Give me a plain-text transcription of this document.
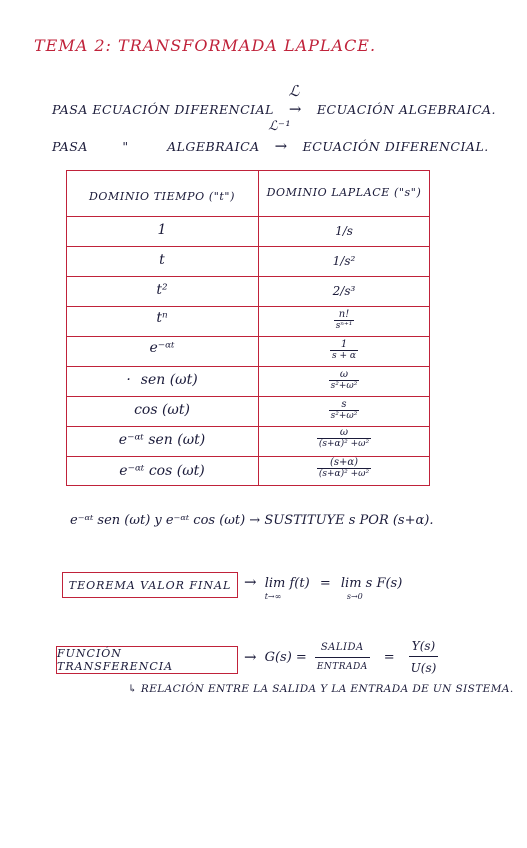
TEMA 2: TRANSFORMADA LAPLACE.
PASA ECUACIÓN DIFERENCIAL
ℒ
→ ECUACIÓN ALGEBRAICA.
PASA	"	ALGEBRAICA
ℒ⁻¹
→ ECUACIÓN DIFERENCIAL.
DOMINIO TIEMPO ("t")	DOMINIO LAPLACE ("s")
1	1/s
t	1/s²
t²	2/s³
tⁿ	$\frac{n!}{\text{sⁿ⁺¹}}$
e⁻ᵅᵗ	$\frac{1}{s + \alpha}$
· sen (ωt)	$\frac{\omega}{\text{s²+ω²}}$
cos (ωt)	$\frac{s}{\text{s²+ω²}}$
e⁻ᵅᵗ sen (ωt)	$\frac{\omega}{\text{(s+α)² +ω²}}$
e⁻ᵅᵗ cos (ωt)	$\frac{(s+\alpha)}{\text{(s+α)² +ω²}}$
e⁻ᵅᵗ sen (ωt) y e⁻ᵅᵗ cos (ωt) → SUSTITUYE s POR (s+α).
TEOREMA VALOR FINAL → lim f(t)
t→∞
= lim s F(s)
s→0
FUNCIÓN TRANSFERENCIA
→ $G(s) = \frac{\text{SALIDA}}{\text{ENTRADA}} = \frac{Y(s)}{U(s)}$
↳ RELACIÓN ENTRE LA SALIDA Y LA ENTRADA DE UN SISTEMA.
